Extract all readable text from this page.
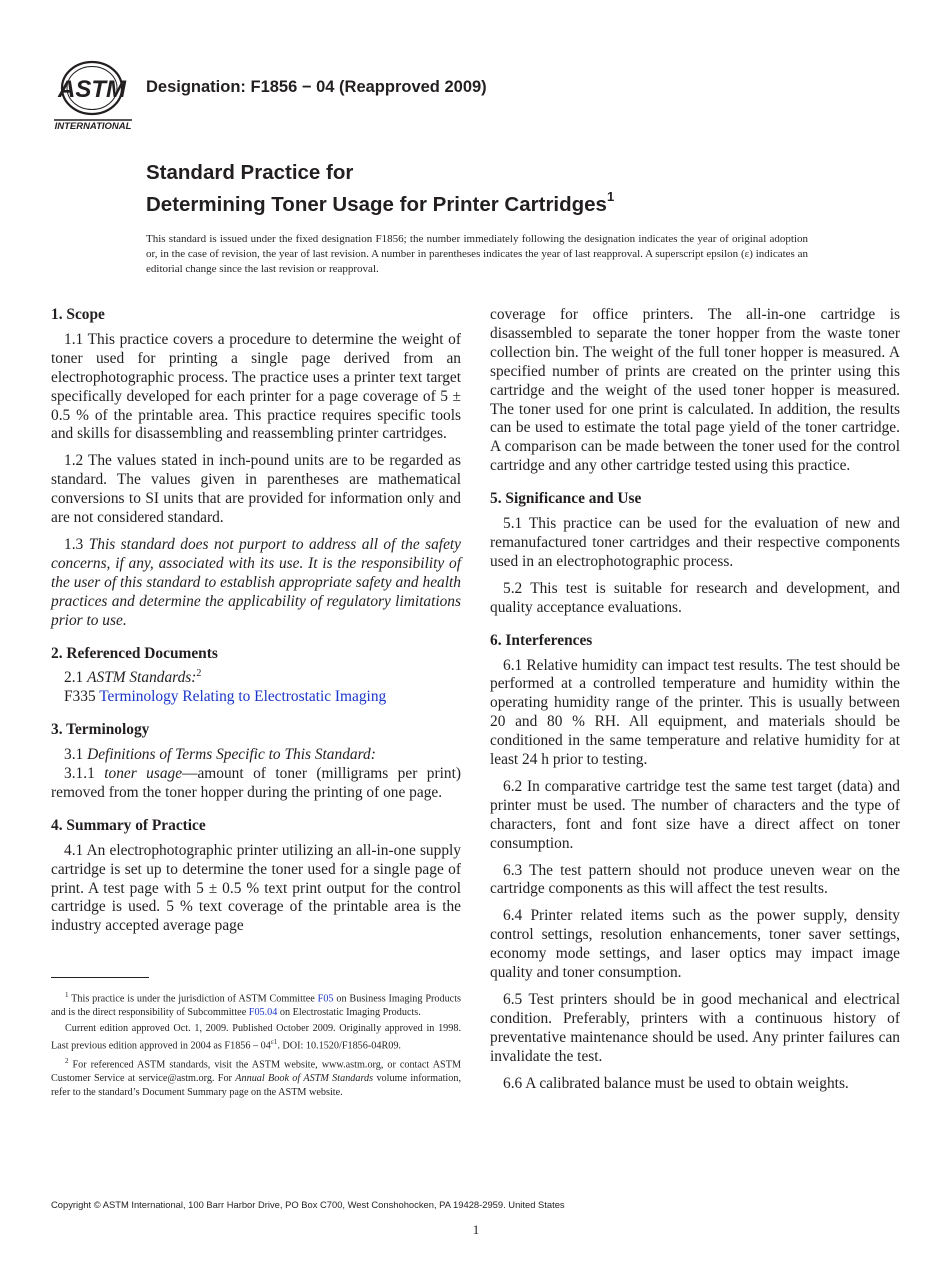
ASTM
INTERNATIONAL
Designation: F1856 − 04 (Reapproved 2009)
Standard Practice for
Determining Toner Usage for Printer Cartridges$^1$
This standard is issued under the fixed designation F1856; the number immediately following the designation indicates the year of original adoption or, in the case of revision, the year of last revision. A number in parentheses indicates the year of last reapproval. A superscript epsilon (ε) indicates an editorial change since the last revision or reapproval.
1. Scope

1.1 This practice covers a procedure to determine the weight of toner used for printing a single page derived from an electrophotographic process. The practice uses a printer text target specifically developed for each printer for a page coverage of 5 ± 0.5 % of the printable area. This practice requires specific tools and skills for disassembling and reassembling printer cartridges.

1.2 The values stated in inch-pound units are to be regarded as standard. The values given in parentheses are mathematical conversions to SI units that are provided for information only and are not considered standard.

1.3 This standard does not purport to address all of the safety concerns, if any, associated with its use. It is the responsibility of the user of this standard to establish appropriate safety and health practices and determine the applicability of regulatory limitations prior to use.

2. Referenced Documents

2.1 ASTM Standards:$^2$

F335 Terminology Relating to Electrostatic Imaging

3. Terminology

3.1 Definitions of Terms Specific to This Standard:

3.1.1 toner usage—amount of toner (milligrams per print) removed from the toner hopper during the printing of one page.

4. Summary of Practice

4.1 An electrophotographic printer utilizing an all-in-one supply cartridge is set up to determine the toner used for a single page of print. A test page with 5 ± 0.5 % text print output for the control cartridge is used. 5 % text coverage of the printable area is the industry accepted average page

$^1$ This practice is under the jurisdiction of ASTM Committee F05 on Business Imaging Products and is the direct responsibility of Subcommittee F05.04 on Electrostatic Imaging Products.

Current edition approved Oct. 1, 2009. Published October 2009. Originally approved in 1998. Last previous edition approved in 2004 as $F1856 - 04^{\varepsilon 1}$. DOI: 10.1520/F1856-04R09.

$^2$ For referenced ASTM standards, visit the ASTM website, www.astm.org, or contact ASTM Customer Service at service@astm.org. For Annual Book of ASTM Standards volume information, refer to the standard’s Document Summary page on the ASTM website.

coverage for office printers. The all-in-one cartridge is disassembled to separate the toner hopper from the waste toner collection bin. The weight of the full toner hopper is measured. A specified number of prints are created on the printer using this cartridge and the weight of the used toner hopper is measured. The toner used for one print is calculated. In addition, the results can be used to estimate the total page yield of the toner cartridge. A comparison can be made between the toner used for the control cartridge and any other cartridge tested using this practice.

5. Significance and Use

5.1 This practice can be used for the evaluation of new and remanufactured toner cartridges and their respective components used in an electrophotographic process.

5.2 This test is suitable for research and development, and quality acceptance evaluations.

6. Interferences

6.1 Relative humidity can impact test results. The test should be performed at a controlled temperature and humidity within the operating humidity range of the printer. This is usually between 20 and 80 % RH. All equipment, and materials should be conditioned in the same temperature and relative humidity for at least 24 h prior to testing.

6.2 In comparative cartridge test the same test target (data) and printer must be used. The number of characters and the type of characters, font and font size have a direct affect on toner consumption.

6.3 The test pattern should not produce uneven wear on the cartridge components as this will affect the test results.

6.4 Printer related items such as the power supply, density control settings, resolution enhancements, toner saver settings, economy mode settings, and laser optics may impact image quality and toner consumption.

6.5 Test printers should be in good mechanical and electrical condition. Preferably, printers with a continuous history of preventative maintenance should be used. Any printer failures can invalidate the test.

6.6 A calibrated balance must be used to obtain weights.

Copyright © ASTM International, 100 Barr Harbor Drive, PO Box C700, West Conshohocken, PA 19428-2959. United States
1
